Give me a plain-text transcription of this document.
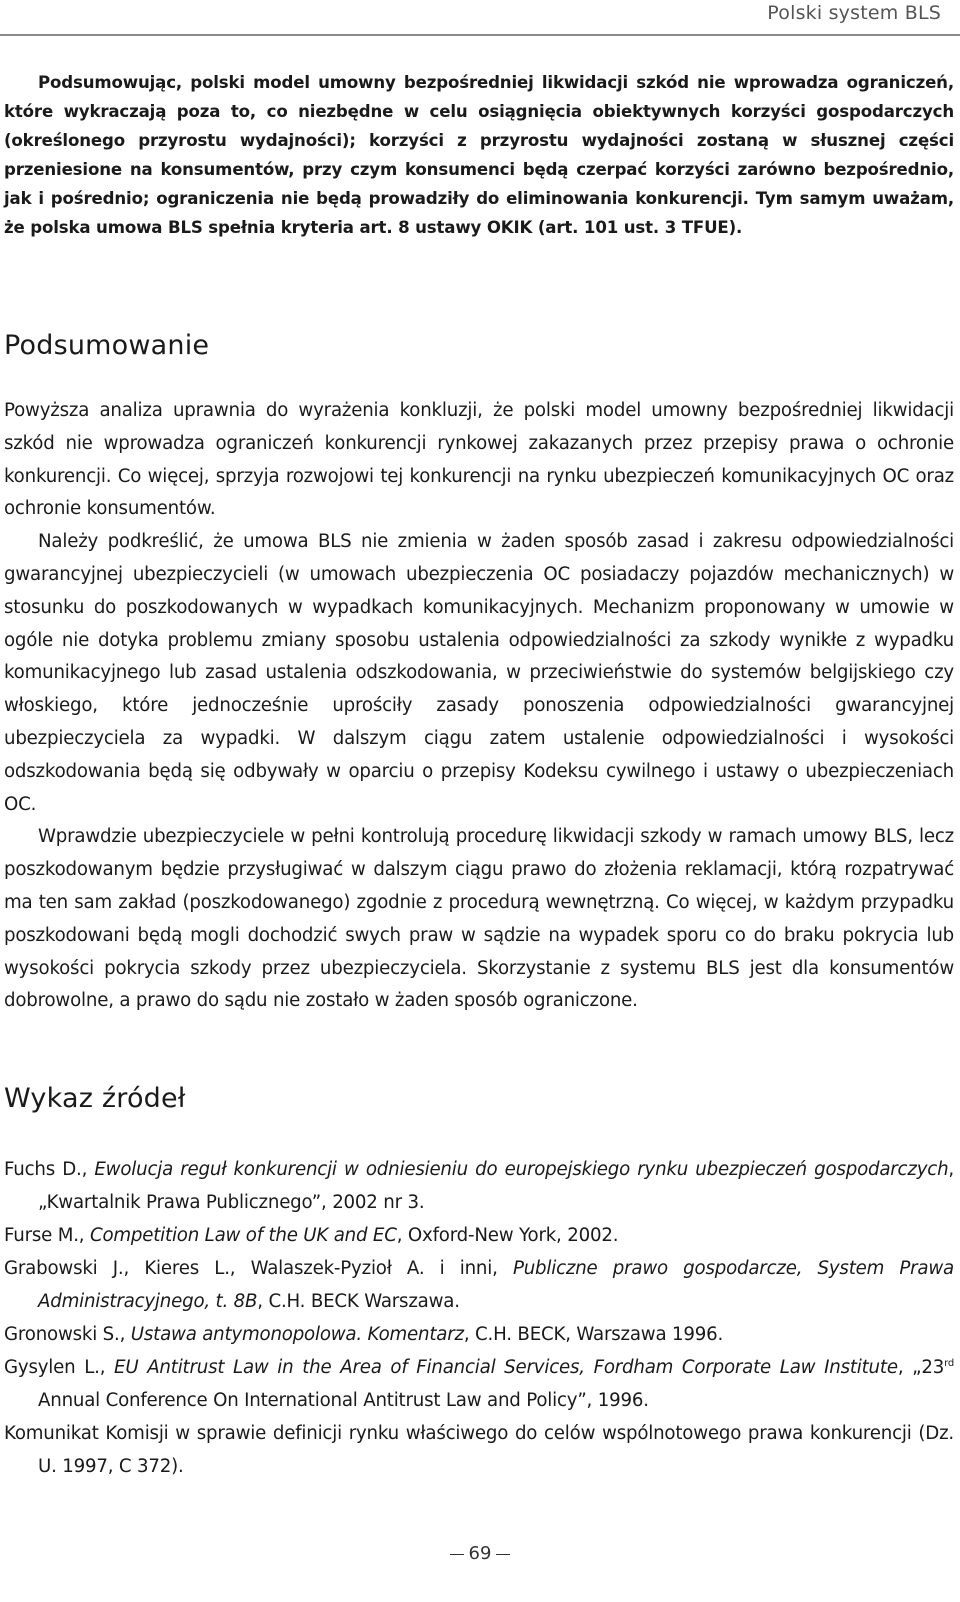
Polski system BLS

Podsumowując, polski model umowny bezpośredniej likwidacji szkód nie wprowadza ograniczeń, które wykraczają poza to, co niezbędne w celu osiągnięcia obiektywnych korzyści gospodarczych (określonego przyrostu wydajności); korzyści z przyrostu wydajności zostaną w słusznej części przeniesione na konsumentów, przy czym konsumenci będą czerpać korzyści zarówno bezpośrednio, jak i pośrednio; ograniczenia nie będą prowadziły do eliminowania konkurencji. Tym samym uważam, że polska umowa BLS spełnia kryteria art. 8 ustawy OKIK (art. 101 ust. 3 TFUE).

Podsumowanie

Powyższa analiza uprawnia do wyrażenia konkluzji, że polski model umowny bezpośredniej likwidacji szkód nie wprowadza ograniczeń konkurencji rynkowej zakazanych przez przepisy prawa o ochronie konkurencji. Co więcej, sprzyja rozwojowi tej konkurencji na rynku ubezpieczeń komunikacyjnych OC oraz ochronie konsumentów.

Należy podkreślić, że umowa BLS nie zmienia w żaden sposób zasad i zakresu odpowiedzialności gwarancyjnej ubezpieczycieli (w umowach ubezpieczenia OC posiadaczy pojazdów mechanicznych) w stosunku do poszkodowanych w wypadkach komunikacyjnych. Mechanizm proponowany w umowie w ogóle nie dotyka problemu zmiany sposobu ustalenia odpowiedzialności za szkody wynikłe z wypadku komunikacyjnego lub zasad ustalenia odszkodowania, w przeciwieństwie do systemów belgijskiego czy włoskiego, które jednocześnie uprościły zasady ponoszenia odpowiedzialności gwarancyjnej ubezpieczyciela za wypadki. W dalszym ciągu zatem ustalenie odpowiedzialności i wysokości odszkodowania będą się odbywały w oparciu o przepisy Kodeksu cywilnego i ustawy o ubezpieczeniach OC.

Wprawdzie ubezpieczyciele w pełni kontrolują procedurę likwidacji szkody w ramach umowy BLS, lecz poszkodowanym będzie przysługiwać w dalszym ciągu prawo do złożenia reklamacji, którą rozpatrywać ma ten sam zakład (poszkodowanego) zgodnie z procedurą wewnętrzną. Co więcej, w każdym przypadku poszkodowani będą mogli dochodzić swych praw w sądzie na wypadek sporu co do braku pokrycia lub wysokości pokrycia szkody przez ubezpieczyciela. Skorzystanie z systemu BLS jest dla konsumentów dobrowolne, a prawo do sądu nie zostało w żaden sposób ograniczone.

Wykaz źródeł
Fuchs D., Ewolucja reguł konkurencji w odniesieniu do europejskiego rynku ubezpieczeń gospodarczych, „Kwartalnik Prawa Publicznego”, 2002 nr 3.
Furse M., Competition Law of the UK and EC, Oxford-New York, 2002.
Grabowski J., Kieres L., Walaszek-Pyzioł A. i inni, Publiczne prawo gospodarcze, System Prawa Administracyjnego, t. 8B, C.H. BECK Warszawa.
Gronowski S., Ustawa antymonopolowa. Komentarz, C.H. BECK, Warszawa 1996.
Gysylen L., EU Antitrust Law in the Area of Financial Services, Fordham Corporate Law Institute, „23rd Annual Conference On International Antitrust Law and Policy”, 1996.
Komunikat Komisji w sprawie definicji rynku właściwego do celów wspólnotowego prawa konkurencji (Dz. U. 1997, C 372).
69
